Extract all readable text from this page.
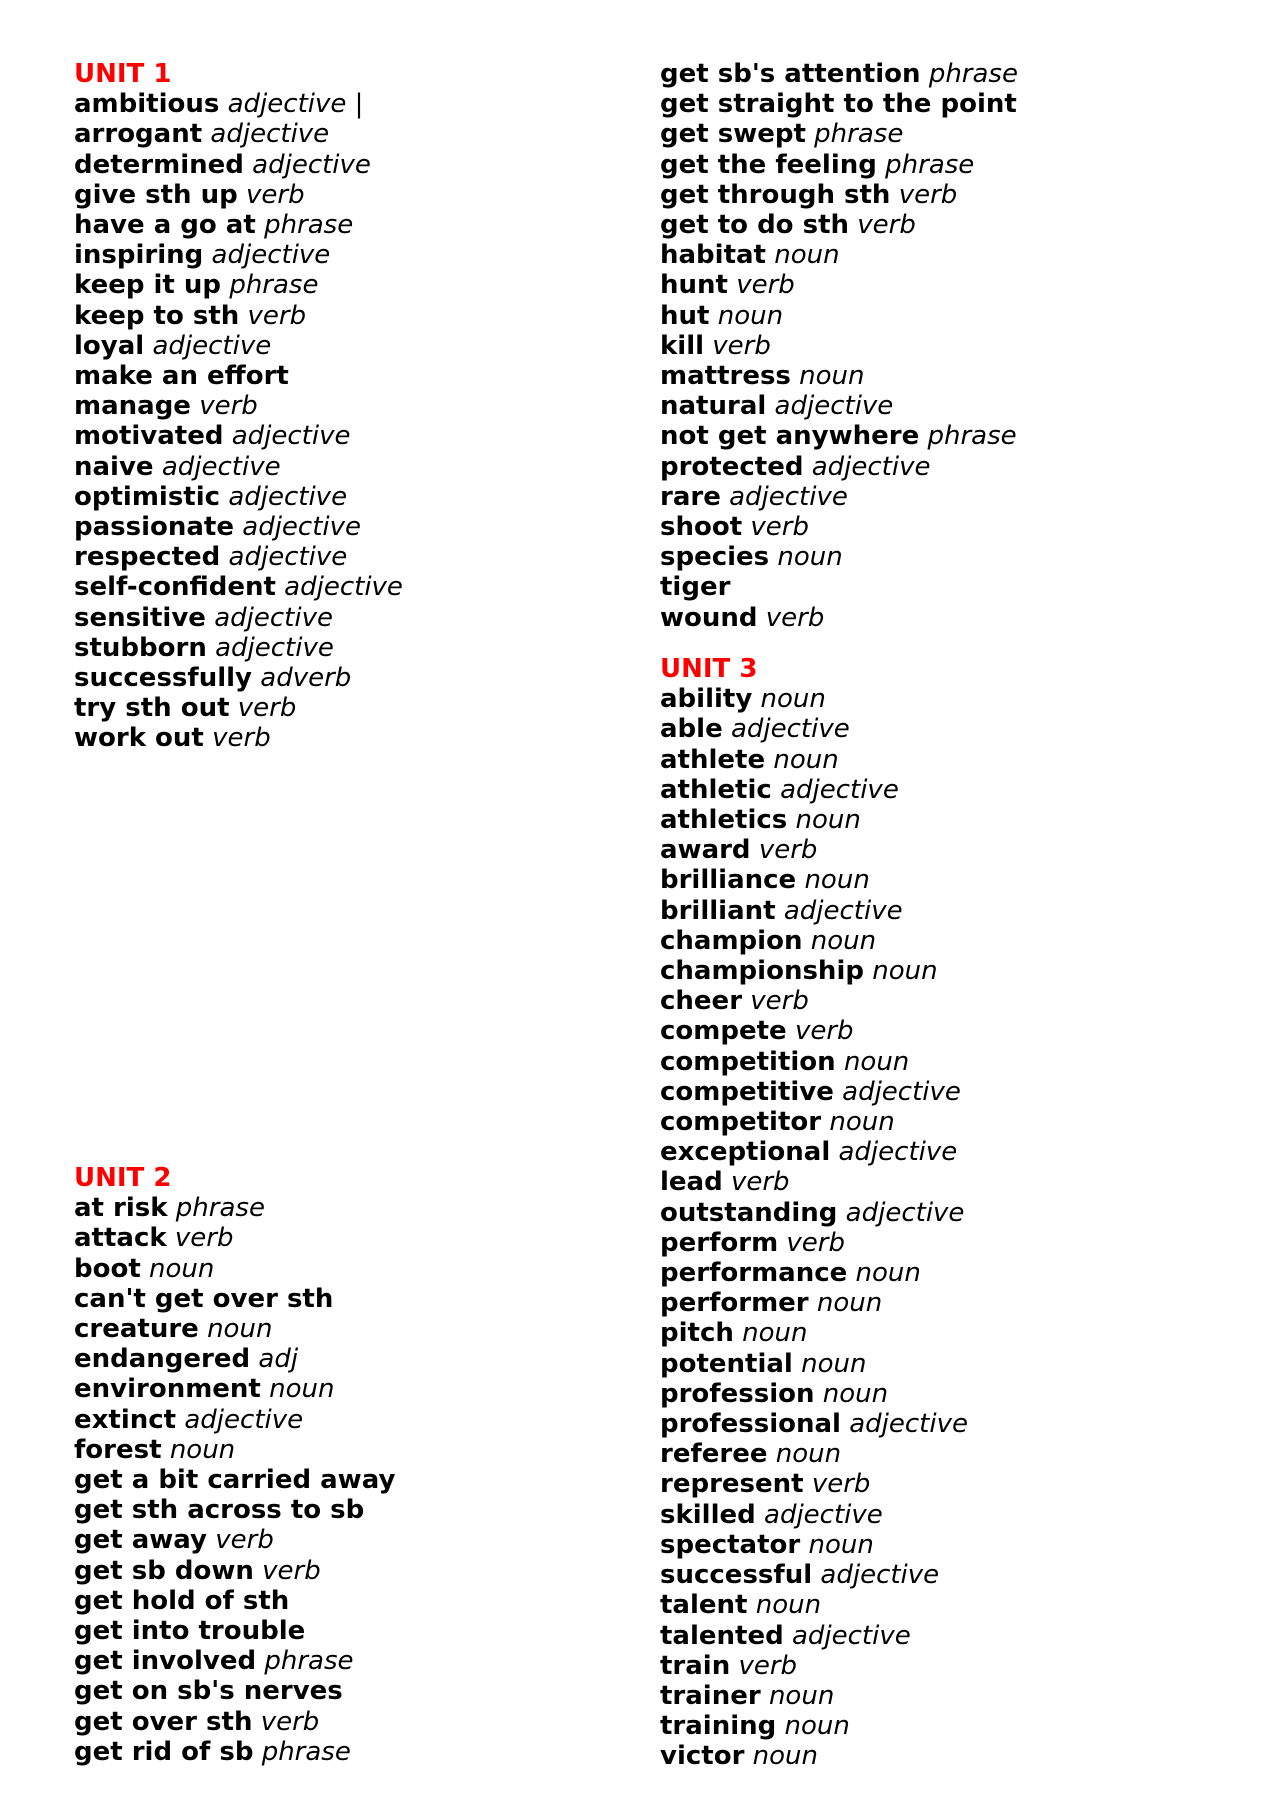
UNIT 1
ambitious adjective |
arrogant adjective
determined adjective
give sth up verb
have a go at phrase
inspiring adjective
keep it up phrase
keep to sth verb
loyal adjective
make an effort
manage verb
motivated adjective
naive adjective
optimistic adjective
passionate adjective
respected adjective
self-confident adjective
sensitive adjective
stubborn adjective
successfully adverb
try sth out verb
work out verb
UNIT 2
at risk phrase
attack verb
boot noun
can't get over sth
creature noun
endangered adj
environment noun
extinct adjective
forest noun
get a bit carried away
get sth across to sb
get away verb
get sb down verb
get hold of sth
get into trouble
get involved phrase
get on sb's nerves
get over sth verb
get rid of sb phrase
get sb's attention phrase
get straight to the point
get swept phrase
get the feeling phrase
get through sth verb
get to do sth verb
habitat noun
hunt verb
hut noun
kill verb
mattress noun
natural adjective
not get anywhere phrase
protected adjective
rare adjective
shoot verb
species noun
tiger
wound verb
UNIT 3
ability noun
able adjective
athlete noun
athletic adjective
athletics noun
award verb
brilliance noun
brilliant adjective
champion noun
championship noun
cheer verb
compete verb
competition noun
competitive adjective
competitor noun
exceptional adjective
lead verb
outstanding adjective
perform verb
performance noun
performer noun
pitch noun
potential noun
profession noun
professional adjective
referee noun
represent verb
skilled adjective
spectator noun
successful adjective
talent noun
talented adjective
train verb
trainer noun
training noun
victor noun
